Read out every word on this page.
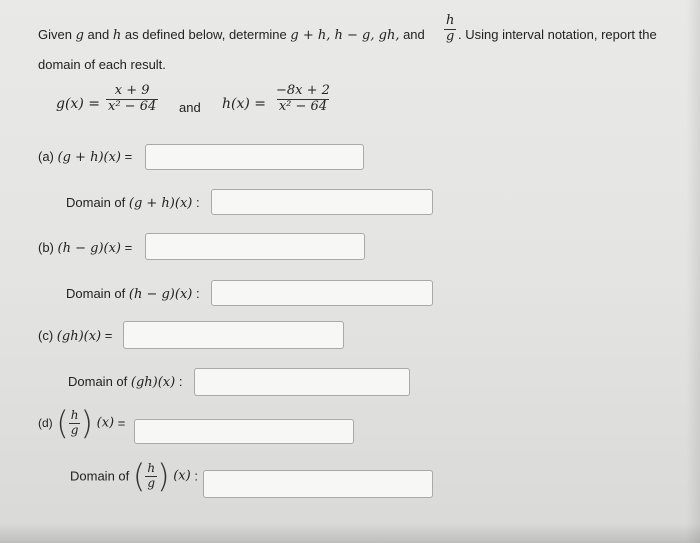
Given g and h as defined below, determine g + h, h − g, gh, and $\frac{h}{g}$ . Using interval notation, report the
domain of each result.
$g(x) = \frac{x + 9}{\text{x² − 64}}$ and $h(x) = \frac{-8x + 2}{\text{x² − 64}}$
(a) (g + h)(x) =
Domain of (g + h)(x) :
(b) (h − g)(x) =
Domain of (h − g)(x) :
(c) (gh)(x) =
Domain of (gh)(x) :
(d) ( $\frac{h}{g}$ ) (x) =
Domain of ( $\frac{h}{g}$ ) (x) :
